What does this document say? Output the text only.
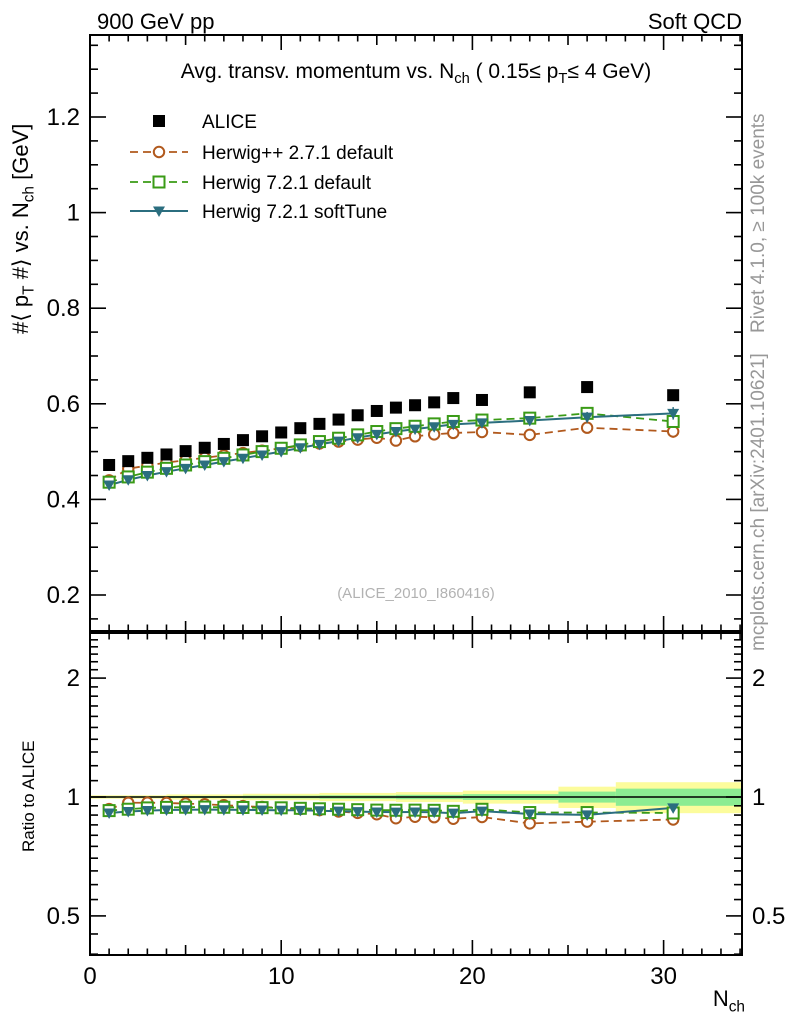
900 GeV pp	Soft QCD
0	10	20	30
0.2
0.4
0.6
0.8
1
1.2
0.5	0.5
1	1
2	2
ALICE
Herwig++ 2.7.1 default
Herwig 7.2.1 default
Herwig 7.2.1 softTune
Avg. transv. momentum vs. $N_{ch}$ ( $0.15\le p_T\le 4$ GeV)
#⟨ $p_T$ #⟩ vs. $N_{ch}$ [GeV]
Ratio to ALICE
$N_{ch}$
(ALICE_2010_I860416)
Rivet 4.1.0, ≥ 100k events
mcplots.cern.ch [arXiv:2401.10621]
